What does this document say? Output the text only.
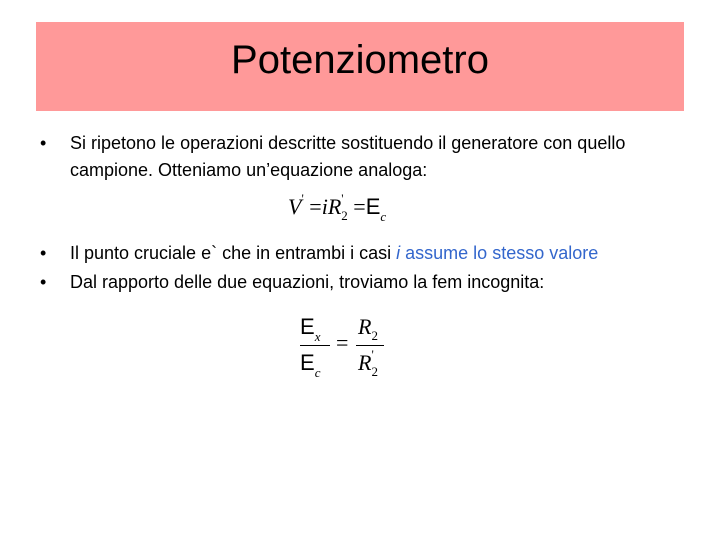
Potenziometro
•	Si ripetono le operazioni descritte sostituendo il generatore con quello campione. Otteniamo un’equazione analoga:
$V' =iR'_2 =E_c$
•	Il punto cruciale e` che in entrambi i casi i assume lo stesso valore
•	Dal rapporto delle due equazioni, troviamo la fem incognita:
$E_x$
$E_c$
=
$R_2$
$R'_2$
